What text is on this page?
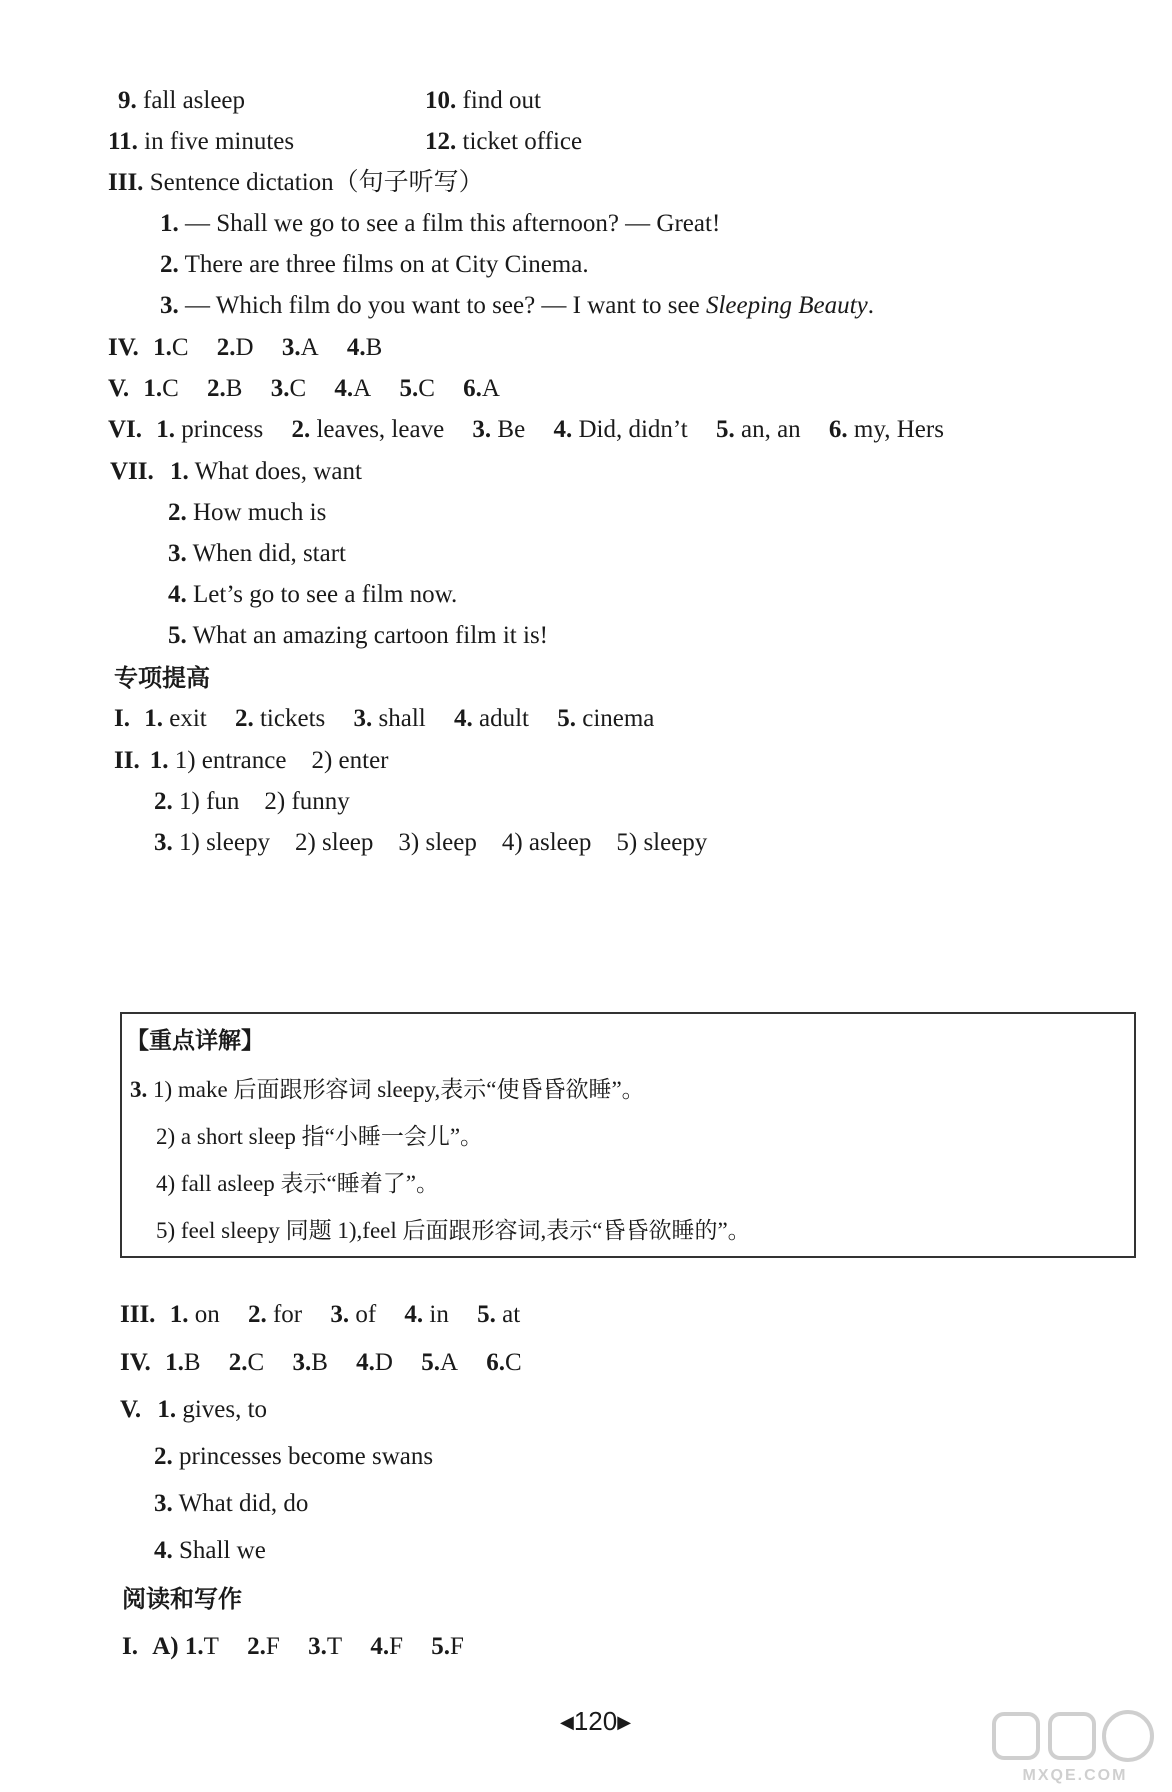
9. fall asleep	10. find out
11. in five minutes	12. ticket office
III. Sentence dictation（句子听写）
1. — Shall we go to see a film this afternoon? — Great!
2. There are three films on at City Cinema.
3. — Which film do you want to see? — I want to see Sleeping Beauty.
IV. 1.C 2.D 3.A 4.B
V. 1.C 2.B 3.C 4.A 5.C 6.A
VI. 1. princess 2. leaves, leave 3. Be 4. Did, didn’t 5. an, an 6. my, Hers
VII. 1. What does, want
2. How much is
3. When did, start
4. Let’s go to see a film now.
5. What an amazing cartoon film it is!
专项提高
I. 1. exit 2. tickets 3. shall 4. adult 5. cinema
II. 1. 1) entrance    2) enter
2. 1) fun    2) funny
3. 1) sleepy    2) sleep    3) sleep    4) asleep    5) sleepy
【重点详解】
3. 1) make 后面跟形容词 sleepy,表示“使昏昏欲睡”。
2) a short sleep 指“小睡一会儿”。
4) fall asleep 表示“睡着了”。
5) feel sleepy 同题 1),feel 后面跟形容词,表示“昏昏欲睡的”。
III. 1. on 2. for 3. of 4. in 5. at
IV. 1.B 2.C 3.B 4.D 5.A 6.C
V. 1. gives, to
2. princesses become swans
3. What did, do
4. Shall we
阅读和写作
I. A) 1.T 2.F 3.T 4.F 5.F
◀120▶
MXQE.COM
